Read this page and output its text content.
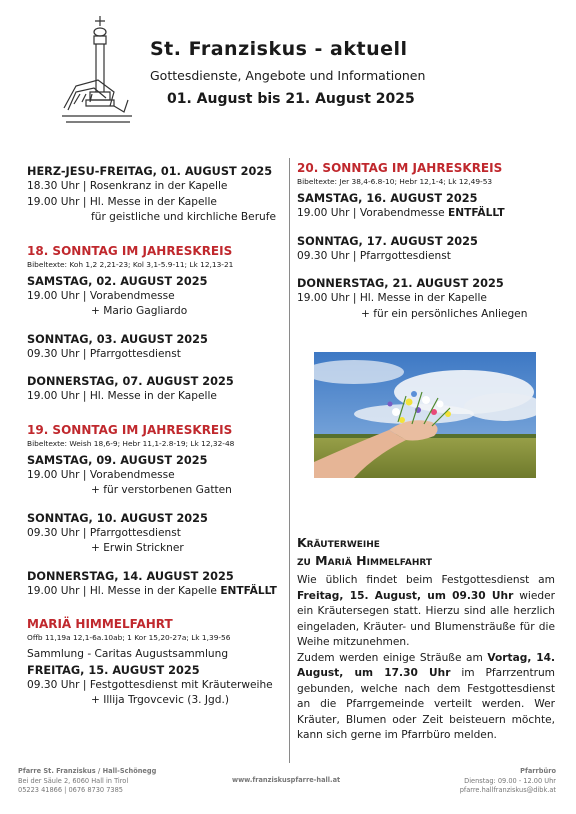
St. Franziskus - aktuell
Gottesdienste, Angebote und Informationen
01. August bis 21. August 2025
HERZ-JESU-FREITAG, 01. AUGUST 2025
18.30 Uhr | Rosenkranz in der Kapelle
19.00 Uhr | Hl. Messe in der Kapelle
für geistliche und kirchliche Berufe
18. SONNTAG IM JAHRESKREIS
Bibeltexte: Koh 1,2 2,21-23; Kol 3,1-5.9-11; Lk 12,13-21
SAMSTAG, 02. AUGUST 2025
19.00 Uhr | Vorabendmesse
+ Mario Gagliardo
SONNTAG, 03. AUGUST 2025
09.30 Uhr | Pfarrgottesdienst
DONNERSTAG, 07. AUGUST 2025
19.00 Uhr | Hl. Messe in der Kapelle
19. SONNTAG IM JAHRESKREIS
Bibeltexte: Weish 18,6-9; Hebr 11,1-2.8-19; Lk 12,32-48
SAMSTAG, 09. AUGUST 2025
19.00 Uhr | Vorabendmesse
+ für verstorbenen Gatten
SONNTAG, 10. AUGUST 2025
09.30 Uhr | Pfarrgottesdienst
+ Erwin Strickner
DONNERSTAG, 14. AUGUST 2025
19.00 Uhr | Hl. Messe in der Kapelle ENTFÄLLT
MARIÄ HIMMELFAHRT
Offb 11,19a 12,1-6a.10ab; 1 Kor 15,20-27a; Lk 1,39-56
Sammlung - Caritas Augustsammlung
FREITAG, 15. AUGUST 2025
09.30 Uhr | Festgottesdienst mit Kräuterweihe
+ Illija Trgovcevic (3. Jgd.)
20. SONNTAG IM JAHRESKREIS
Bibeltexte: Jer 38,4-6.8-10; Hebr 12,1-4; Lk 12,49-53
SAMSTAG, 16. AUGUST 2025
19.00 Uhr | Vorabendmesse ENTFÄLLT
SONNTAG, 17. AUGUST 2025
09.30 Uhr | Pfarrgottesdienst
DONNERSTAG, 21. AUGUST 2025
19.00 Uhr | Hl. Messe in der Kapelle
+ für ein persönliches Anliegen
Kräuterweihe
zu Mariä Himmelfahrt

Wie üblich findet beim Festgottesdienst am Freitag, 15. August, um 09.30 Uhr wieder ein Kräutersegen statt. Hierzu sind alle herzlich eingeladen, Kräuter- und Blumensträuße für die Weihe mitzunehmen.

Zudem werden einige Sträuße am Vortag, 14. August, um 17.30 Uhr im Pfarrzentrum gebunden, welche nach dem Festgottesdienst an die Pfarrgemeinde verteilt werden. Wer Kräuter, Blumen oder Zeit beisteuern möchte, kann sich gerne im Pfarrbüro melden.

Pfarre St. Franziskus / Hall-Schönegg
Bei der Säule 2, 6060 Hall in Tirol
05223 41866 | 0676 8730 7385
www.franziskuspfarre-hall.at
Pfarrbüro
Dienstag: 09.00 - 12.00 Uhr
pfarre.hallfranziskus@dibk.at
